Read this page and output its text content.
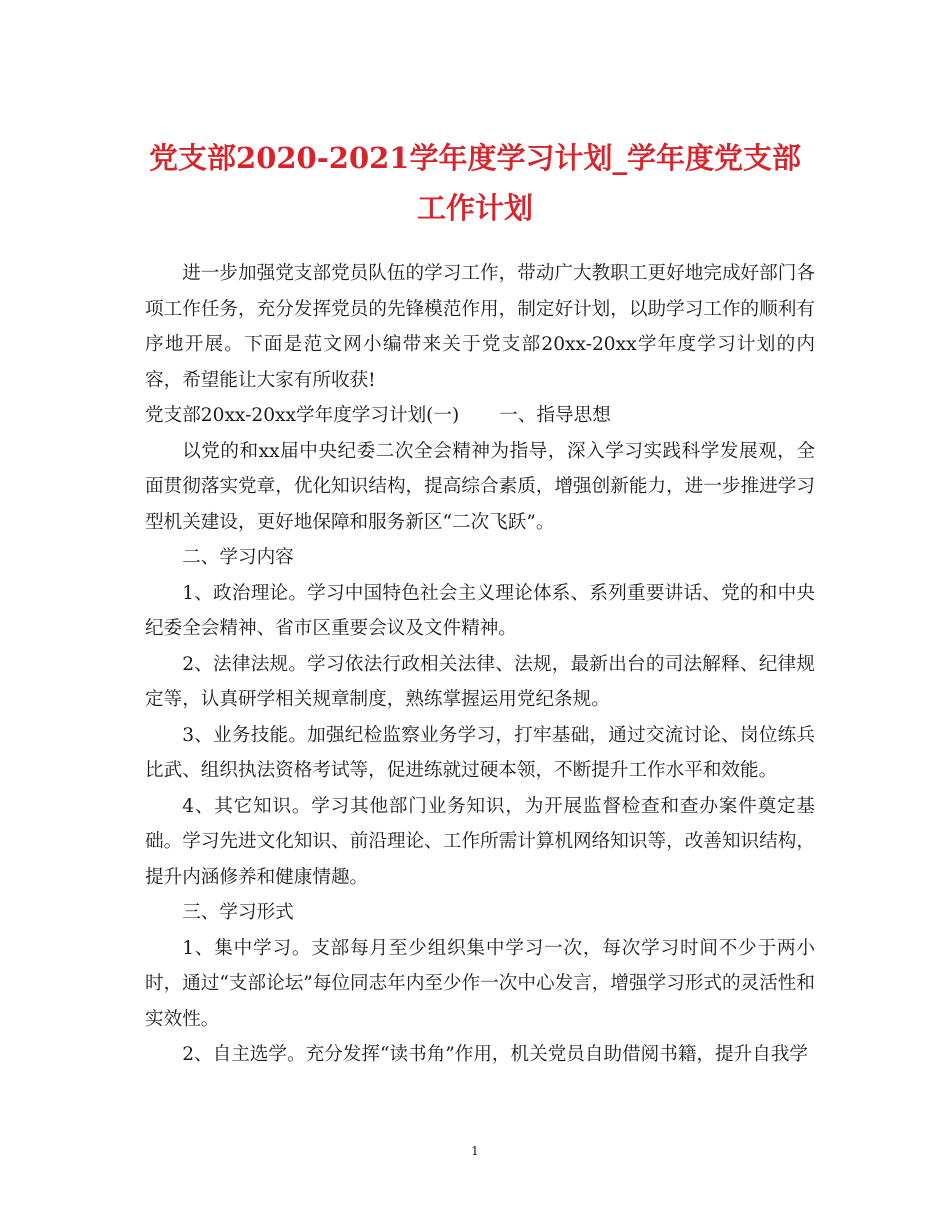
党支部2020-2021学年度学习计划_学年度党支部工作计划

进一步加强党支部党员队伍的学习工作，带动广大教职工更好地完成好部门各项工作任务，充分发挥党员的先锋模范作用，制定好计划，以助学习工作的顺利有序地开展。下面是范文网小编带来关于党支部20xx-20xx学年度学习计划的内容，希望能让大家有所收获!

党支部20xx-20xx学年度学习计划(一) 一、指导思想

以党的和xx届中央纪委二次全会精神为指导，深入学习实践科学发展观，全面贯彻落实党章，优化知识结构，提高综合素质，增强创新能力，进一步推进学习型机关建设，更好地保障和服务新区“二次飞跃”。

二、学习内容

1、政治理论。学习中国特色社会主义理论体系、系列重要讲话、党的和中央纪委全会精神、省市区重要会议及文件精神。

2、法律法规。学习依法行政相关法律、法规，最新出台的司法解释、纪律规定等，认真研学相关规章制度，熟练掌握运用党纪条规。

3、业务技能。加强纪检监察业务学习，打牢基础，通过交流讨论、岗位练兵比武、组织执法资格考试等，促进练就过硬本领，不断提升工作水平和效能。

4、其它知识。学习其他部门业务知识，为开展监督检查和查办案件奠定基础。学习先进文化知识、前沿理论、工作所需计算机网络知识等，改善知识结构，提升内涵修养和健康情趣。

三、学习形式

1、集中学习。支部每月至少组织集中学习一次，每次学习时间不少于两小时，通过“支部论坛”每位同志年内至少作一次中心发言，增强学习形式的灵活性和实效性。

2、自主选学。充分发挥“读书角”作用，机关党员自助借阅书籍，提升自我学

1
